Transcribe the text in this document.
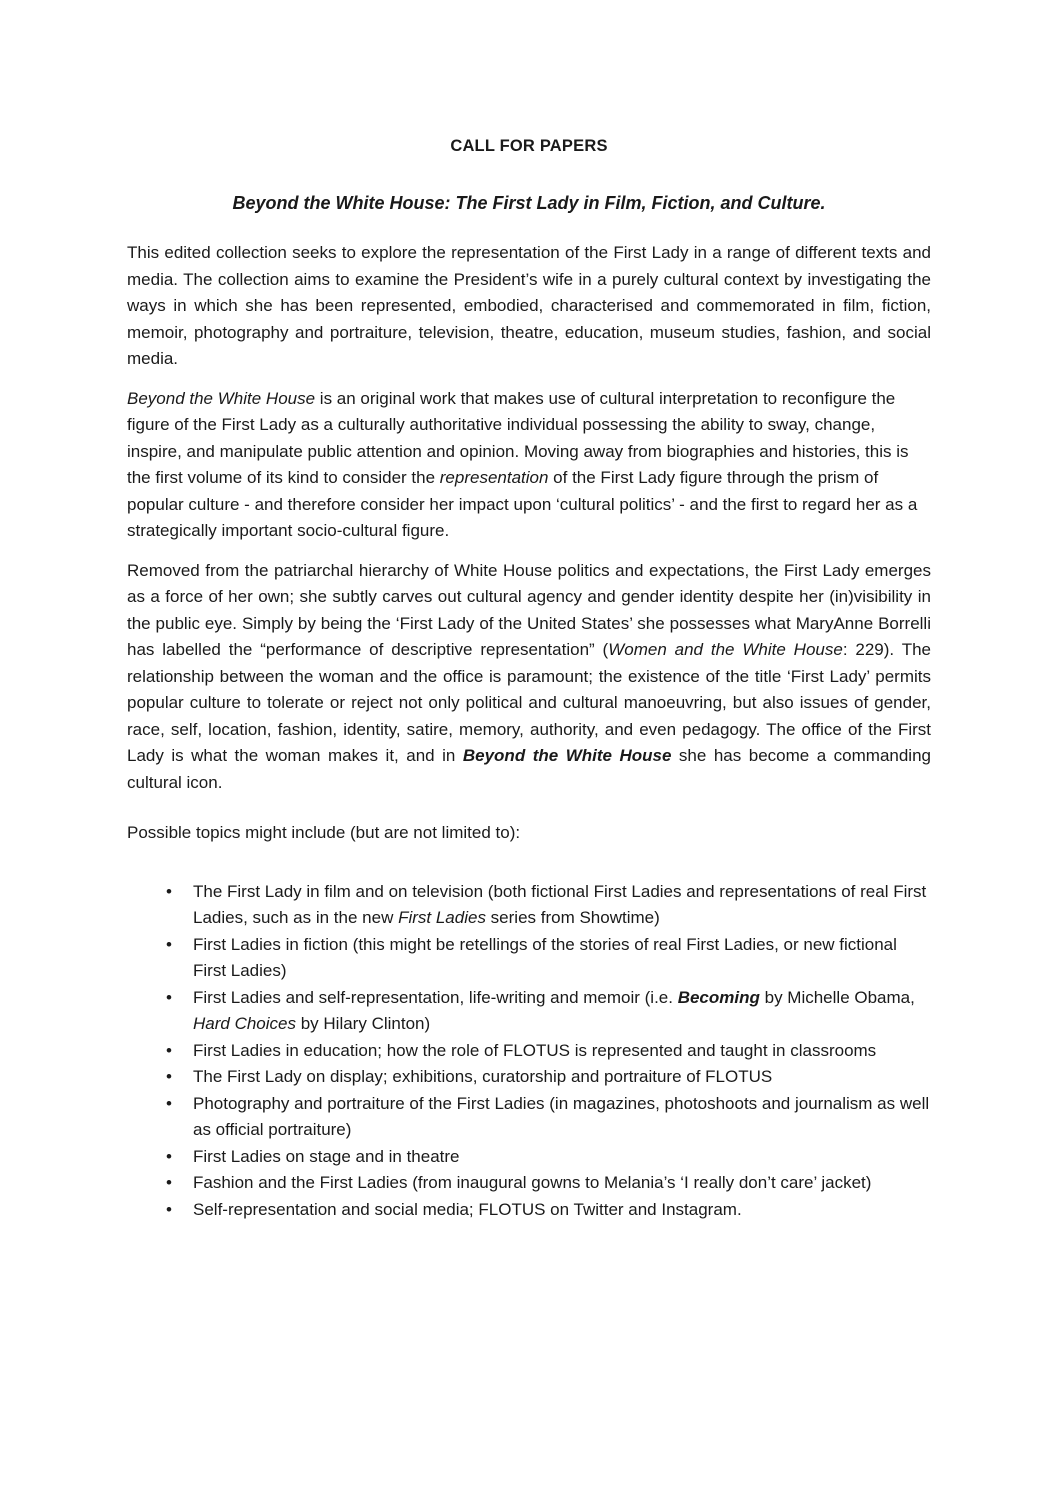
CALL FOR PAPERS
Beyond the White House: The First Lady in Film, Fiction, and Culture.

This edited collection seeks to explore the representation of the First Lady in a range of different texts and media. The collection aims to examine the President’s wife in a purely cultural context by investigating the ways in which she has been represented, embodied, characterised and commemorated in film, fiction, memoir, photography and portraiture, television, theatre, education, museum studies, fashion, and social media.

Beyond the White House is an original work that makes use of cultural interpretation to reconfigure the figure of the First Lady as a culturally authoritative individual possessing the ability to sway, change, inspire, and manipulate public attention and opinion. Moving away from biographies and histories, this is the first volume of its kind to consider the representation of the First Lady figure through the prism of popular culture - and therefore consider her impact upon ‘cultural politics’ - and the first to regard her as a strategically important socio-cultural figure.

Removed from the patriarchal hierarchy of White House politics and expectations, the First Lady emerges as a force of her own; she subtly carves out cultural agency and gender identity despite her (in)visibility in the public eye. Simply by being the ‘First Lady of the United States’ she possesses what MaryAnne Borrelli has labelled the “performance of descriptive representation” (Women and the White House: 229). The relationship between the woman and the office is paramount; the existence of the title ‘First Lady’ permits popular culture to tolerate or reject not only political and cultural manoeuvring, but also issues of gender, race, self, location, fashion, identity, satire, memory, authority, and even pedagogy. The office of the First Lady is what the woman makes it, and in Beyond the White House she has become a commanding cultural icon.

Possible topics might include (but are not limited to):

• The First Lady in film and on television (both fictional First Ladies and representations of real First Ladies, such as in the new First Ladies series from Showtime)
• First Ladies in fiction (this might be retellings of the stories of real First Ladies, or new fictional First Ladies)
• First Ladies and self-representation, life-writing and memoir (i.e. Becoming by Michelle Obama, Hard Choices by Hilary Clinton)
• First Ladies in education; how the role of FLOTUS is represented and taught in classrooms
• The First Lady on display; exhibitions, curatorship and portraiture of FLOTUS
• Photography and portraiture of the First Ladies (in magazines, photoshoots and journalism as well as official portraiture)
• First Ladies on stage and in theatre
• Fashion and the First Ladies (from inaugural gowns to Melania’s ‘I really don’t care’ jacket)
• Self-representation and social media; FLOTUS on Twitter and Instagram.
